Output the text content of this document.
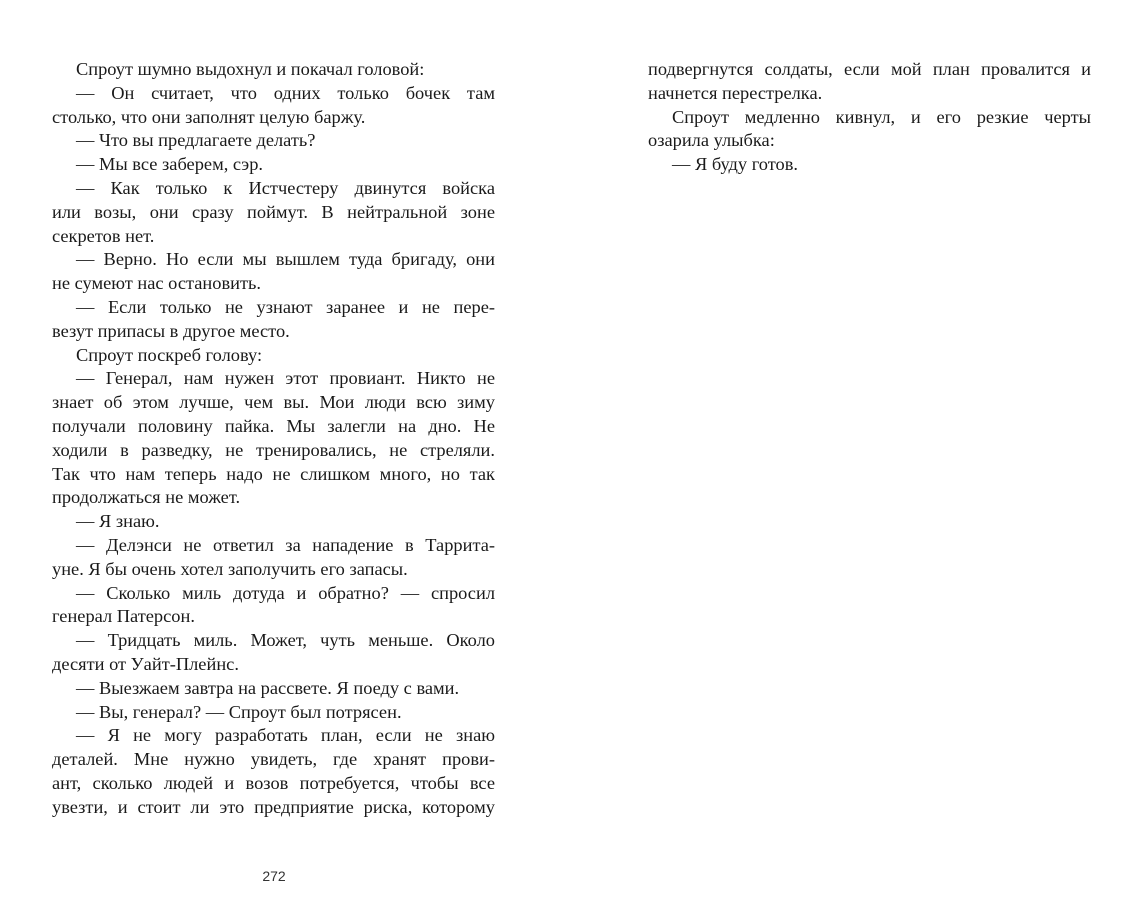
Спроут шумно выдохнул и покачал головой:
— Он считает, что одних только бочек там
столько, что они заполнят целую баржу.
— Что вы предлагаете делать?
— Мы все заберем, сэр.
— Как только к Истчестеру двинутся войска
или возы, они сразу поймут. В нейтральной зоне
секретов нет.
— Верно. Но если мы вышлем туда бригаду, они
не сумеют нас остановить.
— Если только не узнают заранее и не пере-
везут припасы в другое место.
Спроут поскреб голову:
— Генерал, нам нужен этот провиант. Никто не
знает об этом лучше, чем вы. Мои люди всю зиму
получали половину пайка. Мы залегли на дно. Не
ходили в разведку, не тренировались, не стреляли.
Так что нам теперь надо не слишком много, но так
продолжаться не может.
— Я знаю.
— Делэнси не ответил за нападение в Таррита-
уне. Я бы очень хотел заполучить его запасы.
— Сколько миль дотуда и обратно? — спросил
генерал Патерсон.
— Тридцать миль. Может, чуть меньше. Около
десяти от Уайт-Плейнс.
— Выезжаем завтра на рассвете. Я поеду с вами.
— Вы, генерал? — Спроут был потрясен.
— Я не могу разработать план, если не знаю
деталей. Мне нужно увидеть, где хранят прови-
ант, сколько людей и возов потребуется, чтобы все
увезти, и стоит ли это предприятие риска, которому
подвергнутся солдаты, если мой план провалится и
начнется перестрелка.
Спроут медленно кивнул, и его резкие черты
озарила улыбка:
— Я буду готов.
272
